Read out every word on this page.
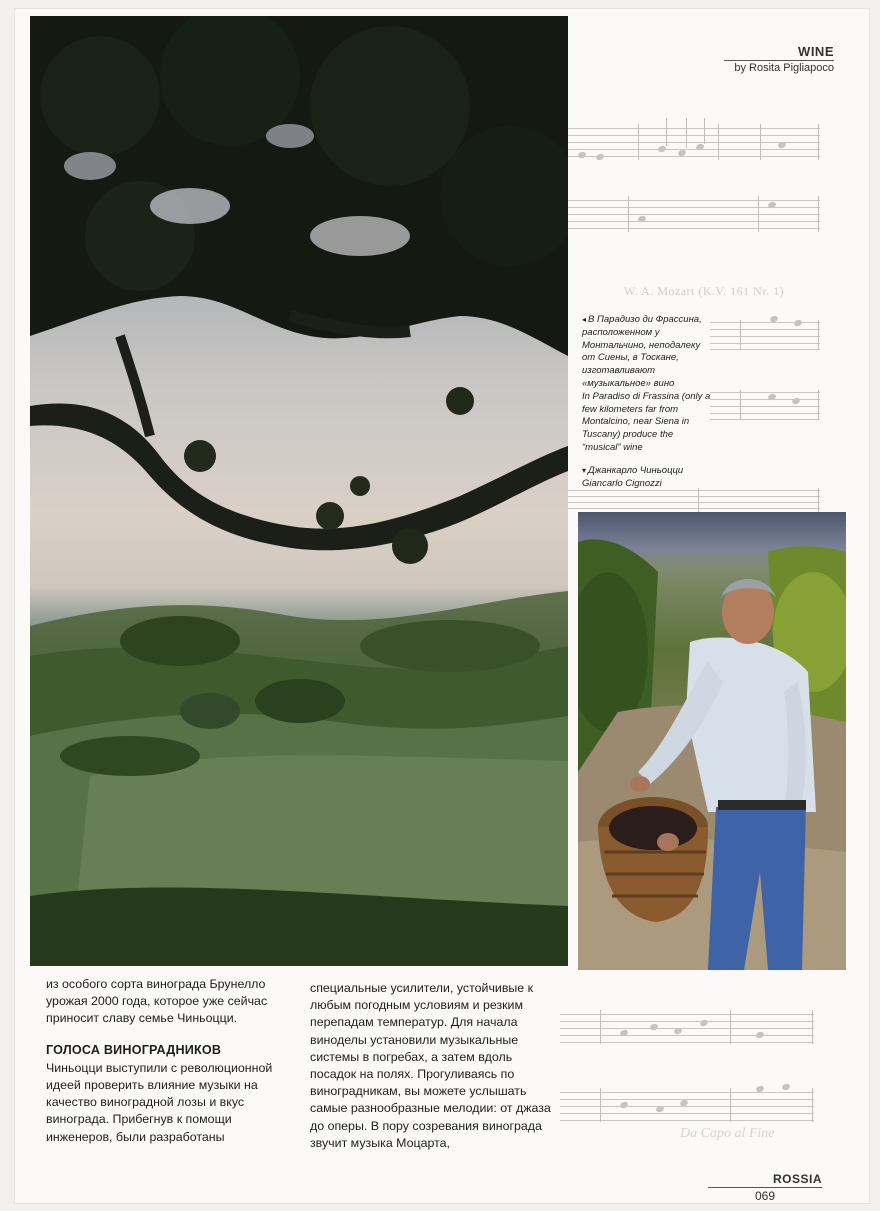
WINE
by Rosita Pigliapoco
W. A. Mozart (K.V. 161 Nr. 1)
Da Capo al Fine

◂ В Парадизо ди Фрассина, расположенном у Монтальчино, неподалеку от Сиены, в Тоскане, изготавливают «музыкальное» вино

In Paradiso di Frassina (only a few kilometers far from Montalcino, near Siena in Tuscany) produce the “musical” wine

▾ Джанкарло Чиньоцци

Giancarlo Cignozzi

из особого сорта винограда Брунелло урожая 2000 года, которое уже сейчас приносит славу семье Чиньоцци.

ГОЛОСА ВИНОГРАДНИКОВ

Чиньоцци выступили с революционной идеей проверить влияние музыки на качество виноградной лозы и вкус винограда. Прибегнув к помощи инженеров, были разработаны

специальные усилители, устойчивые к любым погодным условиям и резким перепадам температур. Для начала виноделы установили музыкальные системы в погребах, а затем вдоль посадок на полях. Прогуливаясь по виноградникам, вы можете услышать самые разнообразные мелодии: от джаза до оперы. В пору созревания винограда звучит музыка Моцарта,

ROSSIA
069
